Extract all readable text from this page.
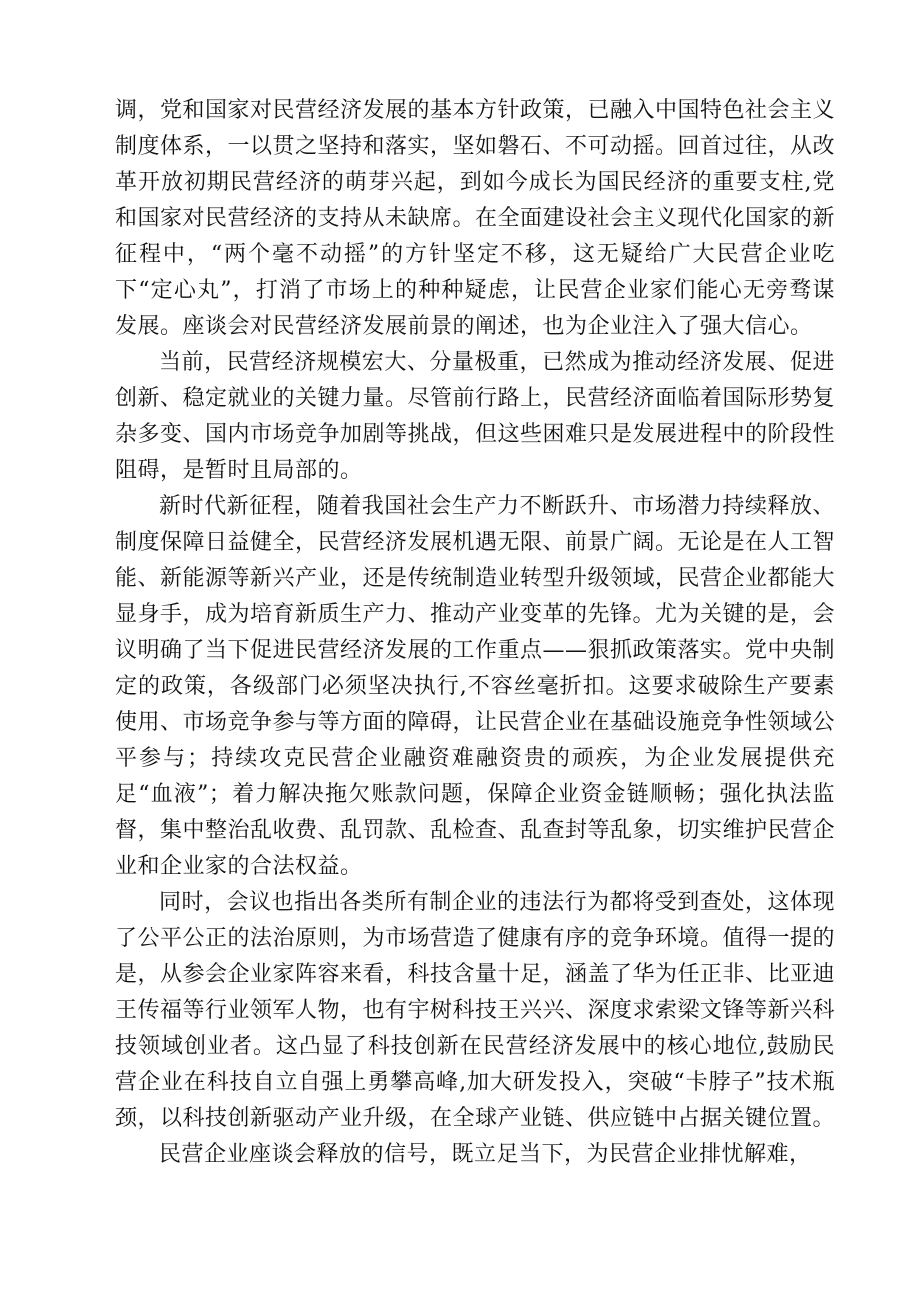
调，党和国家对民营经济发展的基本方针政策，已融入中国特色社会主义制度体系，一以贯之坚持和落实，坚如磐石、不可动摇。回首过往，从改革开放初期民营经济的萌芽兴起，到如今成长为国民经济的重要支柱,党和国家对民营经济的支持从未缺席。在全面建设社会主义现代化国家的新征程中，“两个毫不动摇”的方针坚定不移，这无疑给广大民营企业吃下“定心丸”，打消了市场上的种种疑虑，让民营企业家们能心无旁骛谋发展。座谈会对民营经济发展前景的阐述，也为企业注入了强大信心。

当前，民营经济规模宏大、分量极重，已然成为推动经济发展、促进创新、稳定就业的关键力量。尽管前行路上，民营经济面临着国际形势复杂多变、国内市场竞争加剧等挑战，但这些困难只是发展进程中的阶段性阻碍，是暂时且局部的。

新时代新征程，随着我国社会生产力不断跃升、市场潜力持续释放、制度保障日益健全，民营经济发展机遇无限、前景广阔。无论是在人工智能、新能源等新兴产业，还是传统制造业转型升级领域，民营企业都能大显身手，成为培育新质生产力、推动产业变革的先锋。尤为关键的是，会议明确了当下促进民营经济发展的工作重点——狠抓政策落实。党中央制定的政策，各级部门必须坚决执行,不容丝毫折扣。这要求破除生产要素使用、市场竞争参与等方面的障碍，让民营企业在基础设施竞争性领域公平参与；持续攻克民营企业融资难融资贵的顽疾，为企业发展提供充足“血液”；着力解决拖欠账款问题，保障企业资金链顺畅；强化执法监督，集中整治乱收费、乱罚款、乱检查、乱查封等乱象，切实维护民营企业和企业家的合法权益。

同时，会议也指出各类所有制企业的违法行为都将受到查处，这体现了公平公正的法治原则，为市场营造了健康有序的竞争环境。值得一提的是，从参会企业家阵容来看，科技含量十足，涵盖了华为任正非、比亚迪王传福等行业领军人物，也有宇树科技王兴兴、深度求索梁文锋等新兴科技领域创业者。这凸显了科技创新在民营经济发展中的核心地位,鼓励民营企业在科技自立自强上勇攀高峰,加大研发投入，突破“卡脖子”技术瓶颈，以科技创新驱动产业升级，在全球产业链、供应链中占据关键位置。

民营企业座谈会释放的信号，既立足当下，为民营企业排忧解难，
